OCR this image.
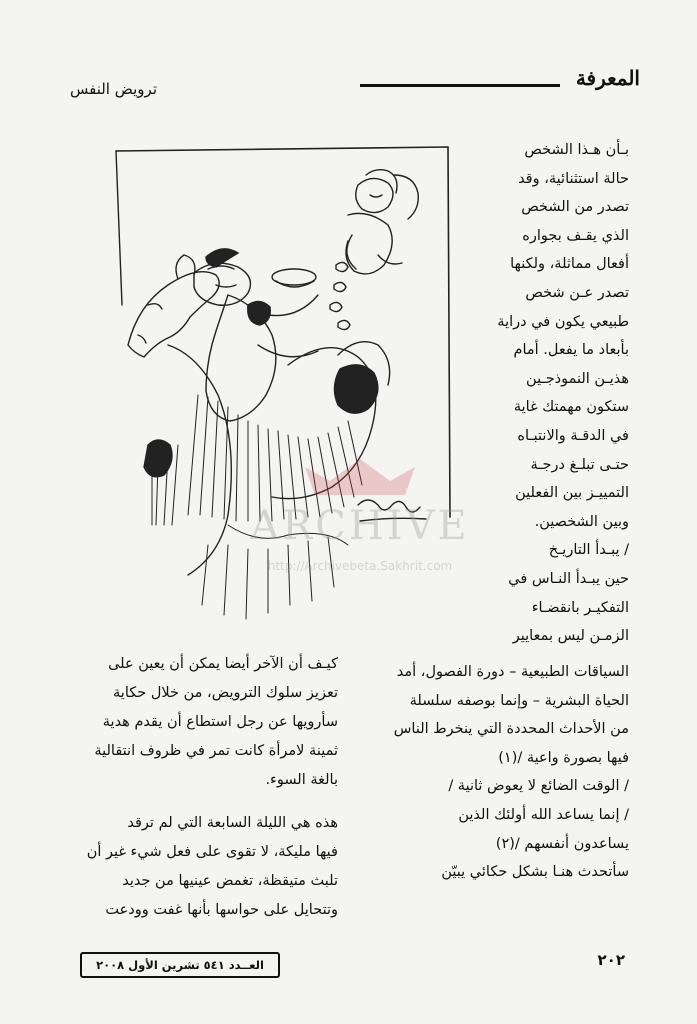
المعرفة
ترويض النفس
بـأن هـذا الشخص
حالة استثنائية، وقد
تصدر من الشخص
الذي يقـف بجواره
أفعال مماثلة، ولكنها
تصدر عـن شخص
طبيعي يكون في دراية
بأبعاد ما يفعل. أمام
هذيـن النموذجـين
ستكون مهمتك غاية
في الدقـة والانتبـاه
حتـى تبلـغ درجـة
التمييـز بين الفعلين
وبين الشخصين.
/ يبـدأ التاريـخ
حين يبـدأ النـاس في
التفكيـر بانقضـاء
الزمـن ليس بمعايير
السياقات الطبيعية – دورة الفصول، أمد
الحياة البشرية – وإنما بوصفه سلسلة
من الأحداث المحددة التي ينخرط الناس
فيها بصورة واعية /(١)
/ الوقت الضائع لا يعوض ثانية /
/ إنما يساعد الله أولئك الذين
يساعدون أنفسهم /(٢)
سأتحدث هنـا بشكل حكائي يبيّن
كيـف أن الآخر أيضا يمكن أن يعين على
تعزيز سلوك الترويض، من خلال حكاية
سأرويها عن رجل استطاع أن يقدم هدية
ثمينة لامرأة كانت تمر في ظروف انتقالية
بالغة السوء.
هذه هي الليلة السابعة التي لم ترقد
فيها مليكة، لا تقوى على فعل شيء غير أن
تلبث متيقظة، تغمض عينيها من جديد
وتتحايل على حواسها بأنها غفت وودعت
ARCHIVE
http://Archivebeta.Sakhrit.com
العــدد ٥٤١ تشرين الأول ٢٠٠٨	٢٠٢
